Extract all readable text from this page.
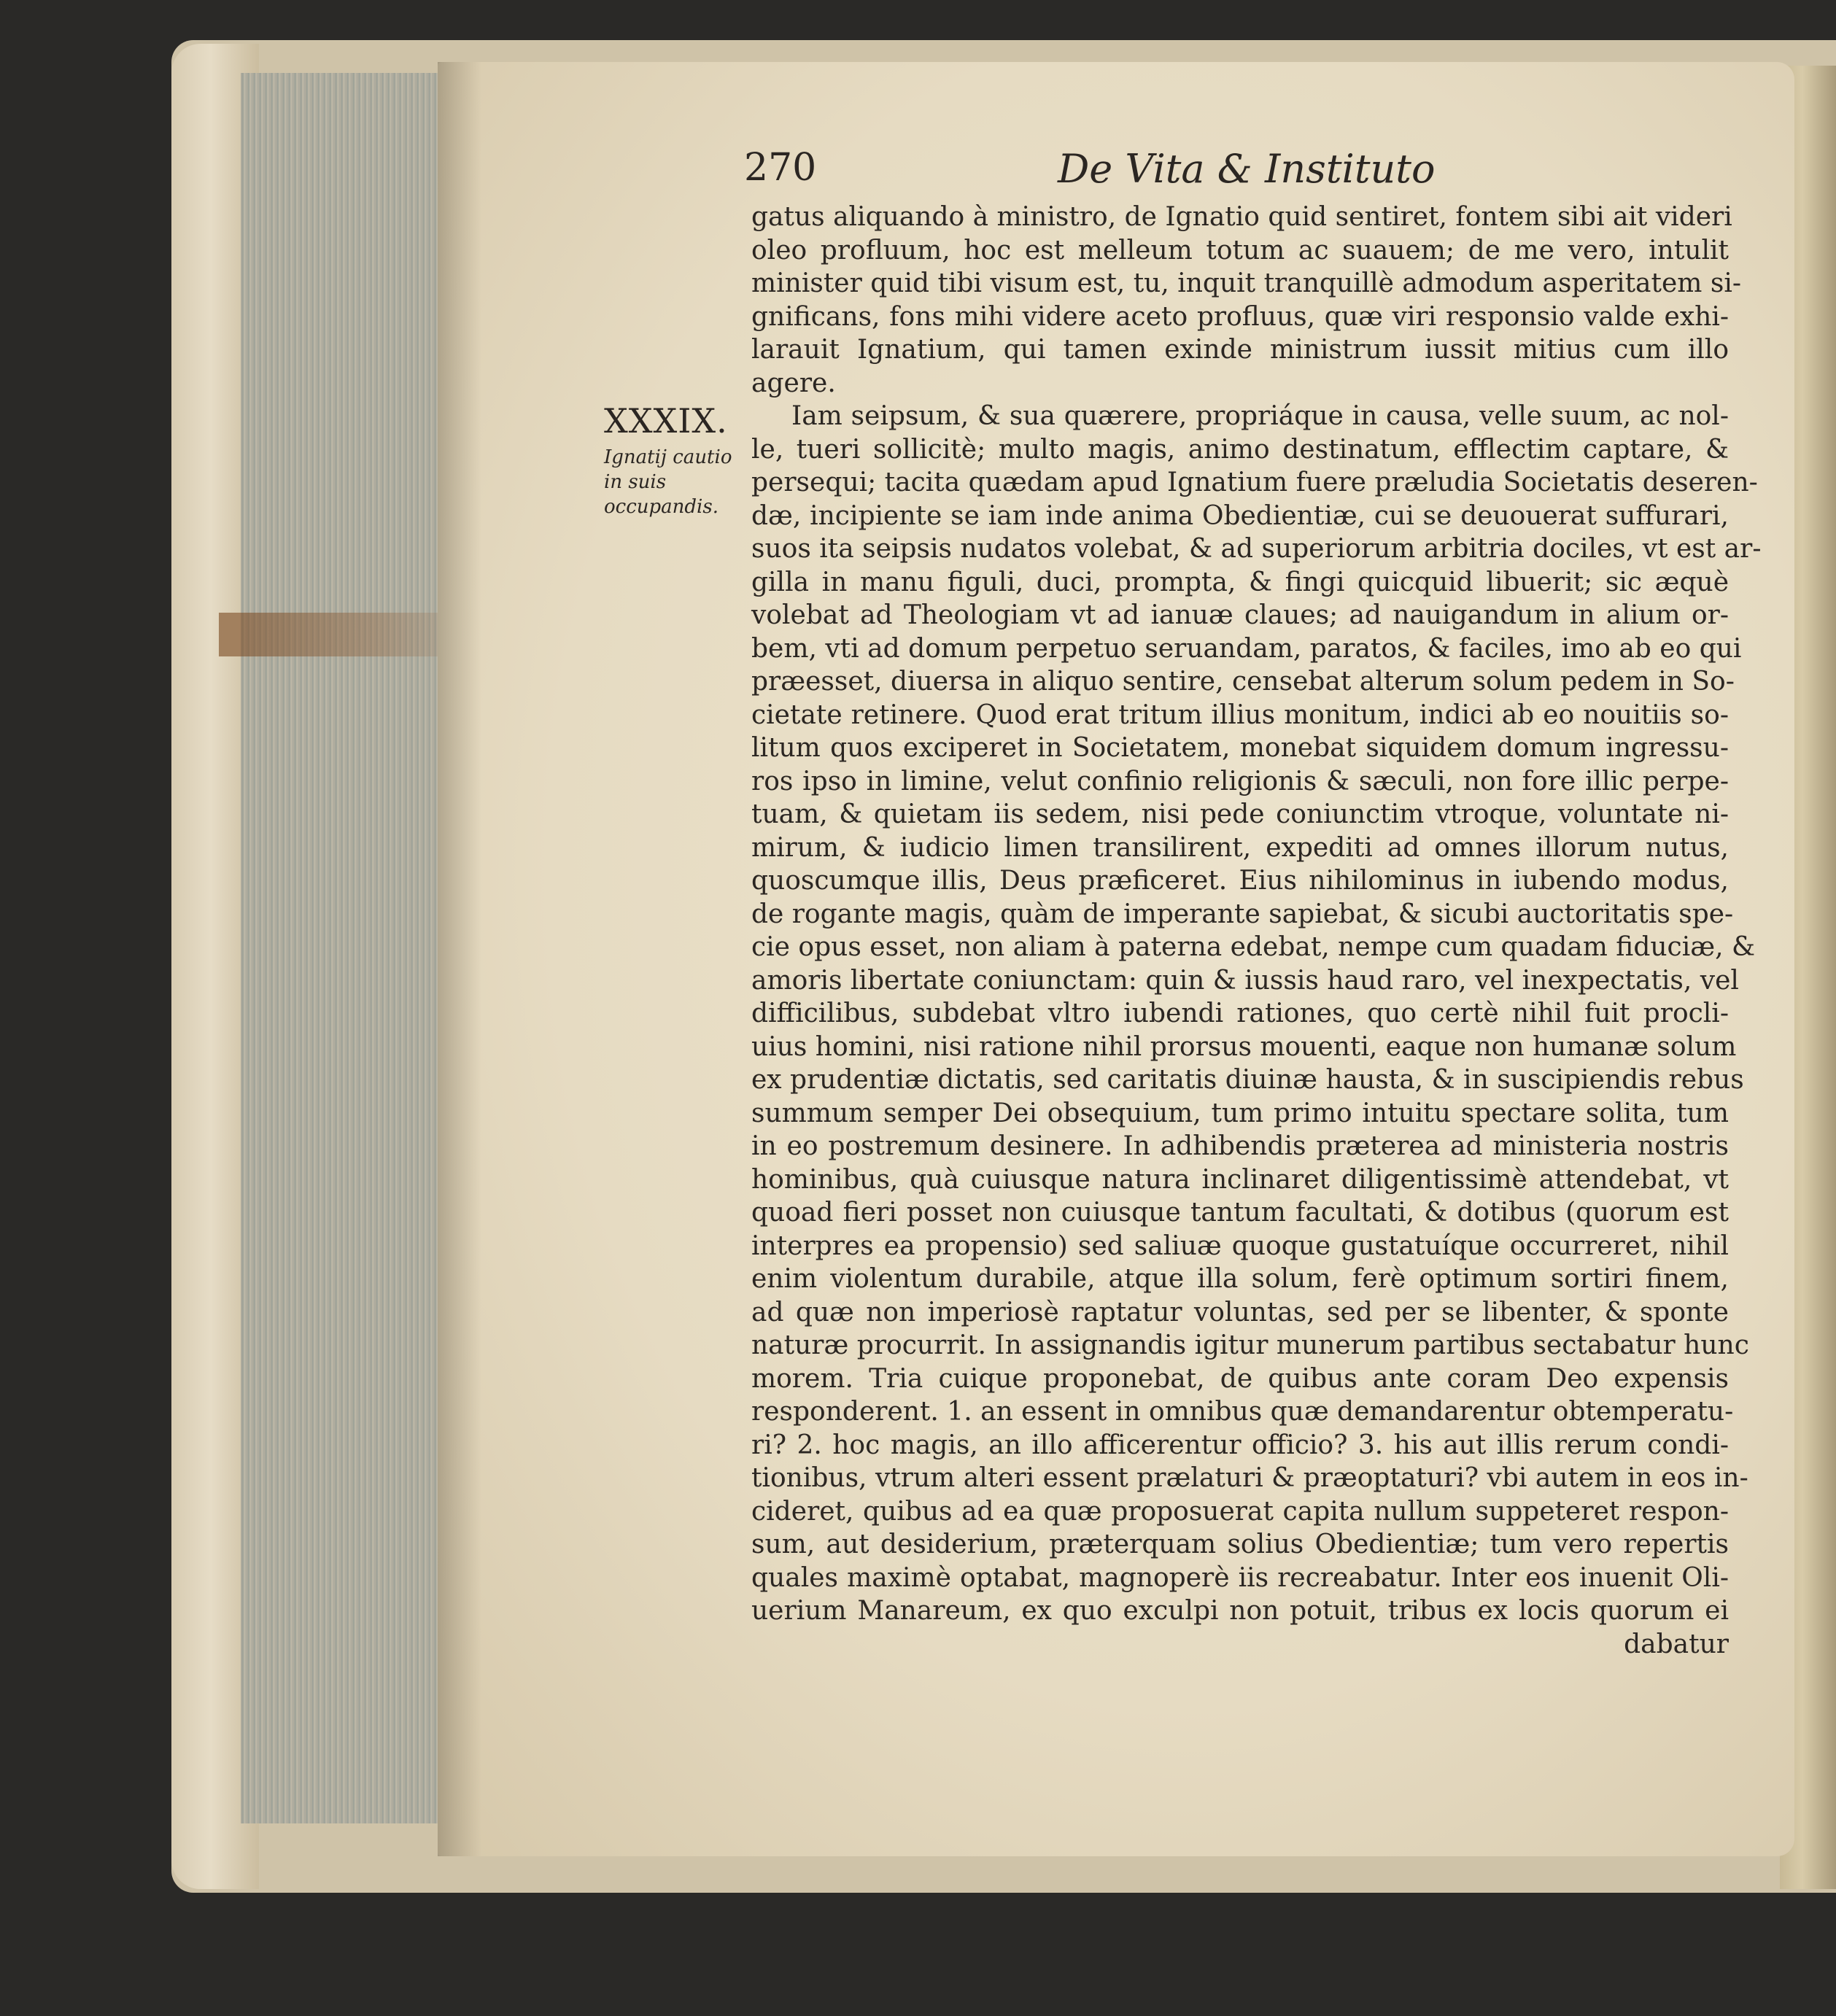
270	De Vita & Instituto
XXXIX.
Ignatij cautio in suis occupandis.
gatus aliquando à ministro, de Ignatio quid sentiret, fontem sibi ait videri
oleo profluum, hoc est melleum totum ac suauem; de me vero, intulit
minister quid tibi visum est, tu, inquit tranquillè admodum asperitatem si-
gnificans, fons mihi videre aceto profluus, quæ viri responsio valde exhi-
larauit Ignatium, qui tamen exinde ministrum iussit mitius cum illo
agere.
Iam seipsum, & sua quærere, propriáque in causa, velle suum, ac nol-
le, tueri sollicitè; multo magis, animo destinatum, efflectim captare, &
persequi; tacita quædam apud Ignatium fuere præludia Societatis deseren-
dæ, incipiente se iam inde anima Obedientiæ, cui se deuouerat suffurari,
suos ita seipsis nudatos volebat, & ad superiorum arbitria dociles, vt est ar-
gilla in manu figuli, duci, prompta, & fingi quicquid libuerit; sic æquè
volebat ad Theologiam vt ad ianuæ claues; ad nauigandum in alium or-
bem, vti ad domum perpetuo seruandam, paratos, & faciles, imo ab eo qui
præesset, diuersa in aliquo sentire, censebat alterum solum pedem in So-
cietate retinere. Quod erat tritum illius monitum, indici ab eo nouitiis so-
litum quos exciperet in Societatem, monebat siquidem domum ingressu-
ros ipso in limine, velut confinio religionis & sæculi, non fore illic perpe-
tuam, & quietam iis sedem, nisi pede coniunctim vtroque, voluntate ni-
mirum, & iudicio limen transilirent, expediti ad omnes illorum nutus,
quoscumque illis, Deus præficeret. Eius nihilominus in iubendo modus,
de rogante magis, quàm de imperante sapiebat, & sicubi auctoritatis spe-
cie opus esset, non aliam à paterna edebat, nempe cum quadam fiduciæ, &
amoris libertate coniunctam: quin & iussis haud raro, vel inexpectatis, vel
difficilibus, subdebat vltro iubendi rationes, quo certè nihil fuit procli-
uius homini, nisi ratione nihil prorsus mouenti, eaque non humanæ solum
ex prudentiæ dictatis, sed caritatis diuinæ hausta, & in suscipiendis rebus
summum semper Dei obsequium, tum primo intuitu spectare solita, tum
in eo postremum desinere. In adhibendis præterea ad ministeria nostris
hominibus, quà cuiusque natura inclinaret diligentissimè attendebat, vt
quoad fieri posset non cuiusque tantum facultati, & dotibus (quorum est
interpres ea propensio) sed saliuæ quoque gustatuíque occurreret, nihil
enim violentum durabile, atque illa solum, ferè optimum sortiri finem,
ad quæ non imperiosè raptatur voluntas, sed per se libenter, & sponte
naturæ procurrit. In assignandis igitur munerum partibus sectabatur hunc
morem. Tria cuique proponebat, de quibus ante coram Deo expensis
responderent. 1. an essent in omnibus quæ demandarentur obtemperatu-
ri? 2. hoc magis, an illo afficerentur officio? 3. his aut illis rerum condi-
tionibus, vtrum alteri essent prælaturi & præoptaturi? vbi autem in eos in-
cideret, quibus ad ea quæ proposuerat capita nullum suppeteret respon-
sum, aut desiderium, præterquam solius Obedientiæ; tum vero repertis
quales maximè optabat, magnoperè iis recreabatur. Inter eos inuenit Oli-
uerium Manareum, ex quo exculpi non potuit, tribus ex locis quorum ei
dabatur
